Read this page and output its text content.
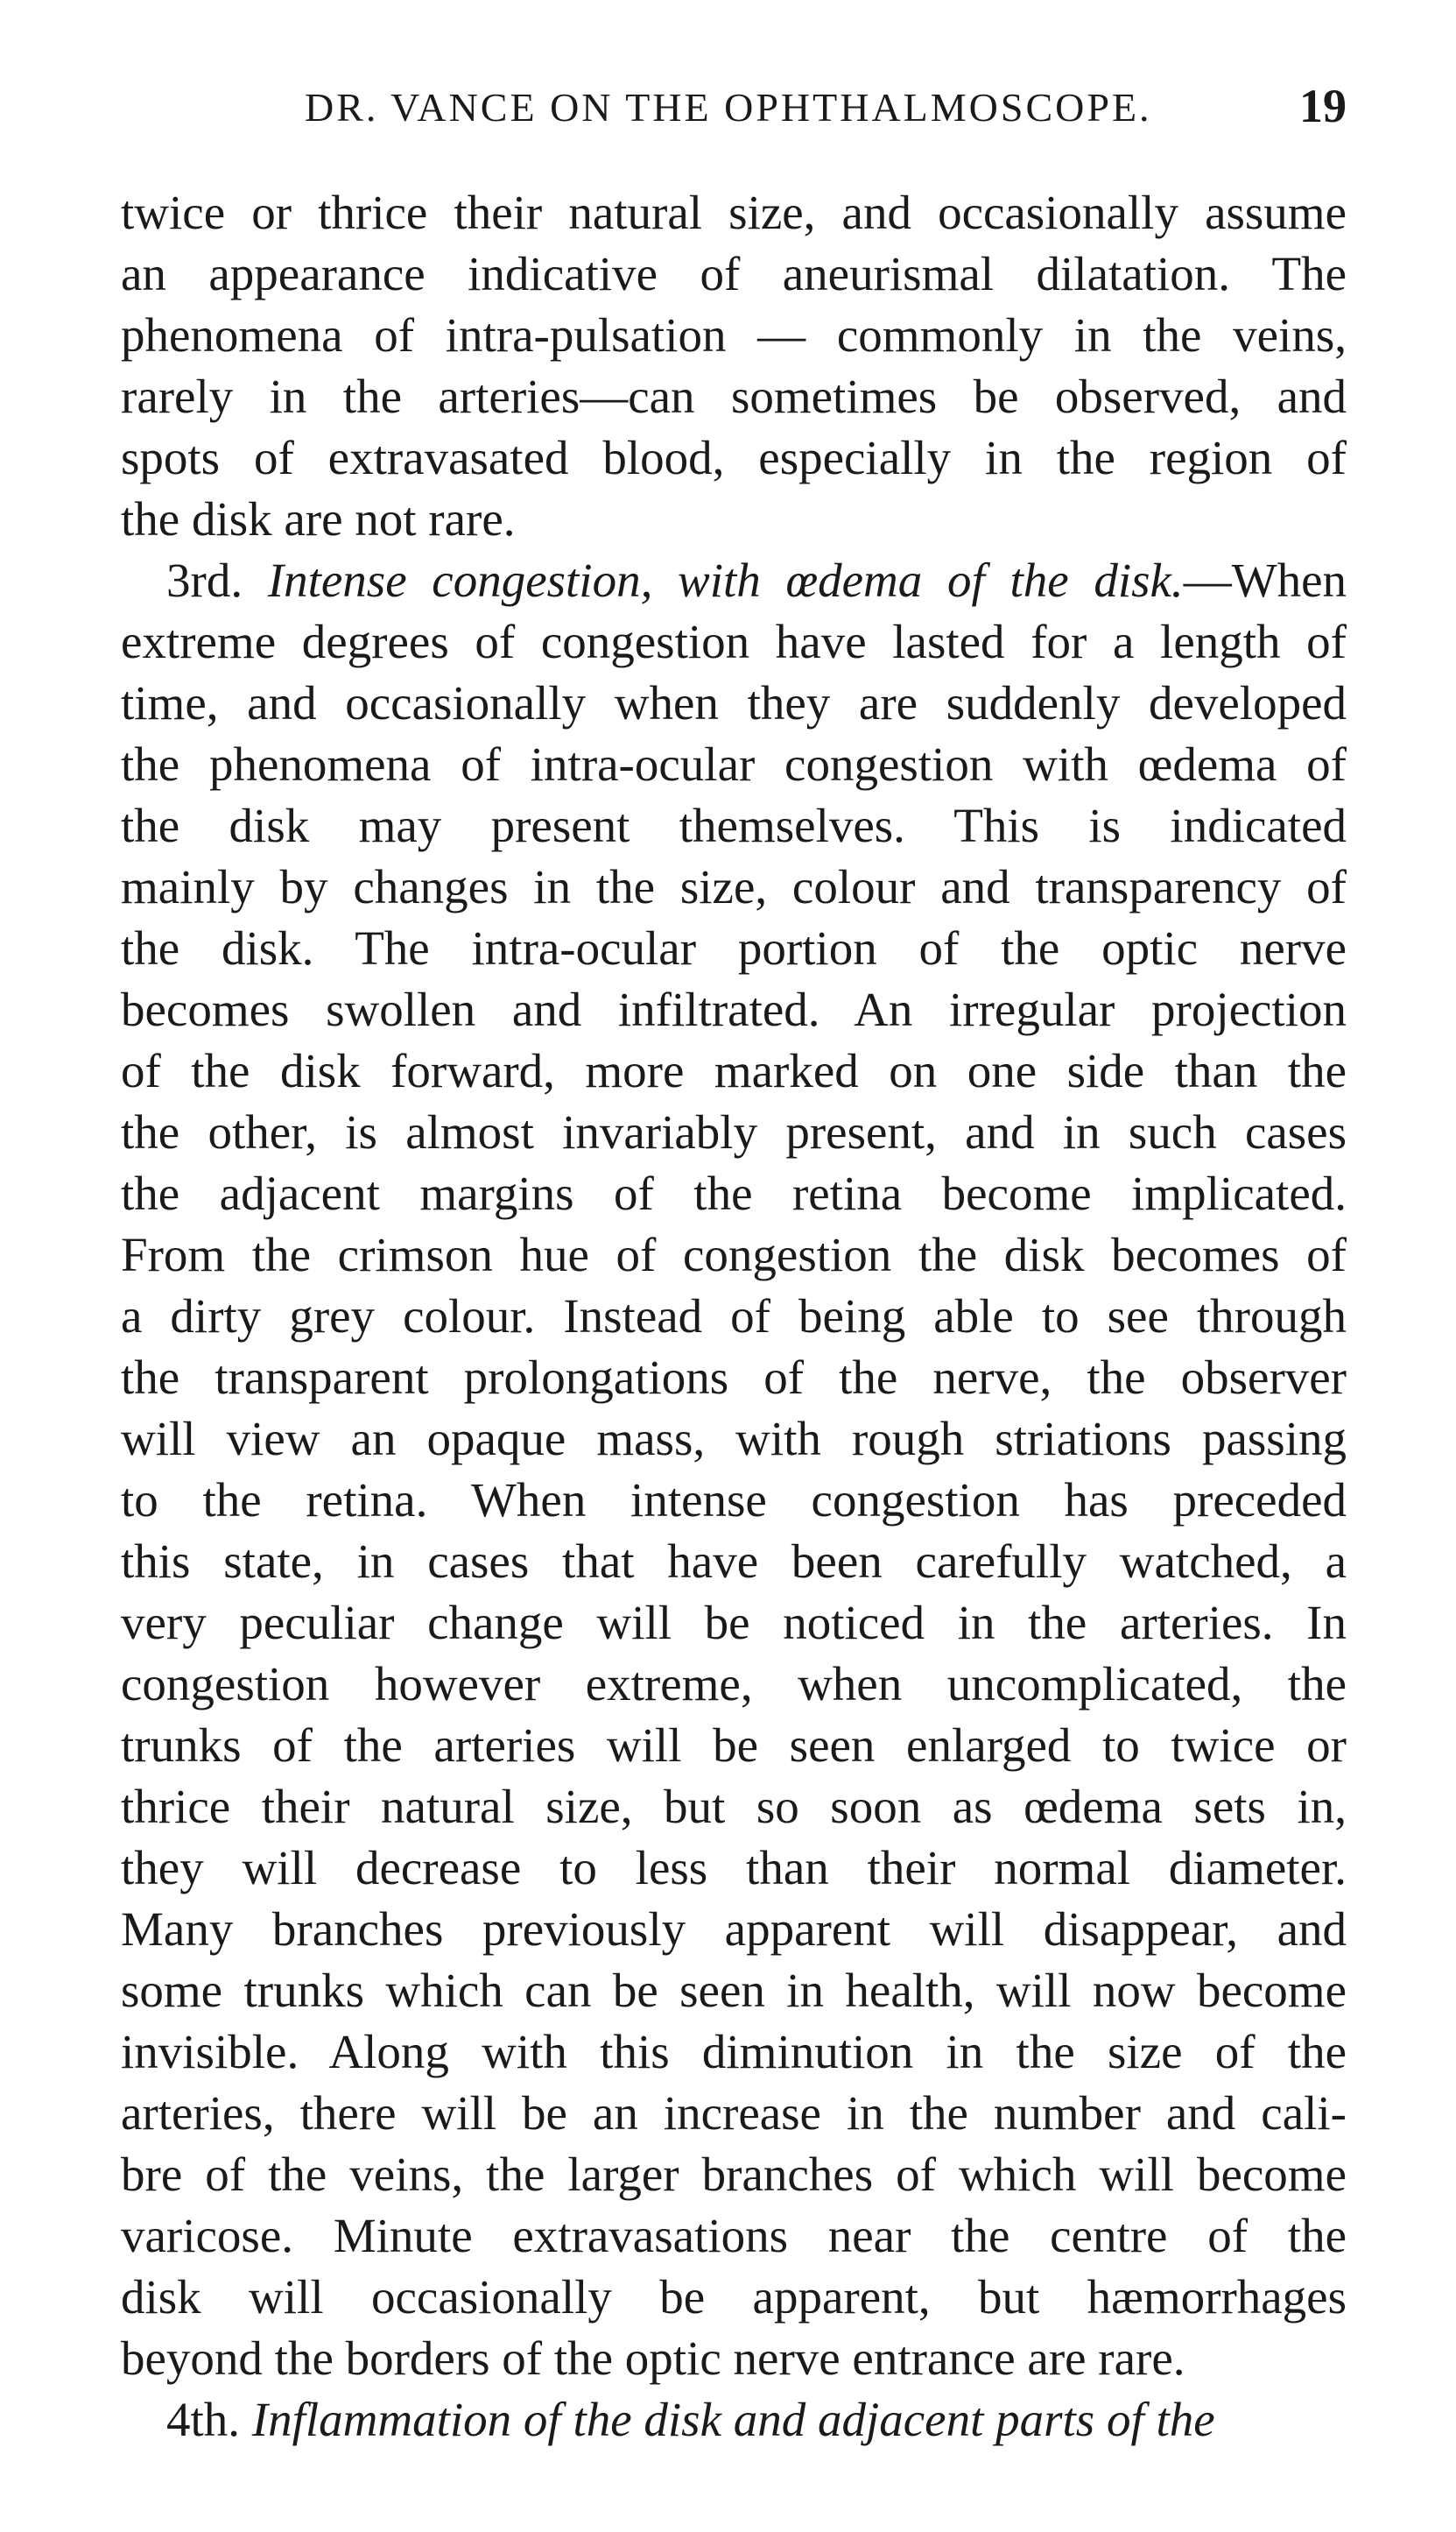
DR. VANCE ON THE OPHTHALMOSCOPE.	19
twice or thrice their natural size, and occasionally assume
an appearance indicative of aneurismal dilatation. The
phenomena of intra-pulsation — commonly in the veins,
rarely in the arteries—can sometimes be observed, and
spots of extravasated blood, especially in the region of
the disk are not rare.
3rd. Intense congestion, with œdema of the disk.—When
extreme degrees of congestion have lasted for a length of
time, and occasionally when they are suddenly developed
the phenomena of intra-ocular congestion with œdema of
the disk may present themselves. This is indicated
mainly by changes in the size, colour and transparency of
the disk. The intra-ocular portion of the optic nerve
becomes swollen and infiltrated. An irregular projection
of the disk forward, more marked on one side than the
the other, is almost invariably present, and in such cases
the adjacent margins of the retina become implicated.
From the crimson hue of congestion the disk becomes of
a dirty grey colour. Instead of being able to see through
the transparent prolongations of the nerve, the observer
will view an opaque mass, with rough striations passing
to the retina. When intense congestion has preceded
this state, in cases that have been carefully watched, a
very peculiar change will be noticed in the arteries. In
congestion however extreme, when uncomplicated, the
trunks of the arteries will be seen enlarged to twice or
thrice their natural size, but so soon as œdema sets in,
they will decrease to less than their normal diameter.
Many branches previously apparent will disappear, and
some trunks which can be seen in health, will now become
invisible. Along with this diminution in the size of the
arteries, there will be an increase in the number and cali-
bre of the veins, the larger branches of which will become
varicose. Minute extravasations near the centre of the
disk will occasionally be apparent, but hæmorrhages
beyond the borders of the optic nerve entrance are rare.
4th. Inflammation of the disk and adjacent parts of the
